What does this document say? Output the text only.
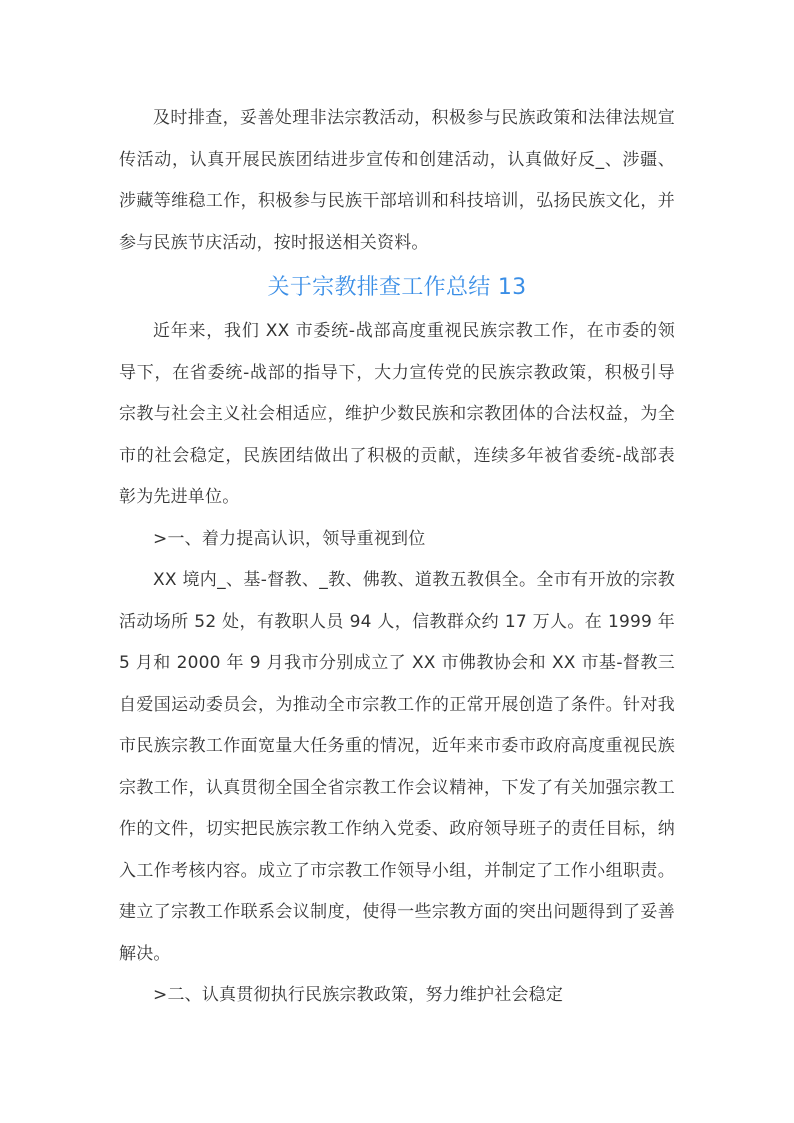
及时排查，妥善处理非法宗教活动，积极参与民族政策和法律法规宣传活动，认真开展民族团结进步宣传和创建活动，认真做好反_、涉疆、涉藏等维稳工作，积极参与民族干部培训和科技培训，弘扬民族文化，并参与民族节庆活动，按时报送相关资料。

关于宗教排查工作总结 13

近年来，我们 XX 市委统-战部高度重视民族宗教工作，在市委的领导下，在省委统-战部的指导下，大力宣传党的民族宗教政策，积极引导宗教与社会主义社会相适应，维护少数民族和宗教团体的合法权益，为全市的社会稳定，民族团结做出了积极的贡献，连续多年被省委统-战部表彰为先进单位。

>一、着力提高认识，领导重视到位

XX 境内_、基-督教、_教、佛教、道教五教俱全。全市有开放的宗教活动场所 52 处，有教职人员 94 人，信教群众约 17 万人。在 1999 年 5 月和 2000 年 9 月我市分别成立了 XX 市佛教协会和 XX 市基-督教三自爱国运动委员会，为推动全市宗教工作的正常开展创造了条件。针对我市民族宗教工作面宽量大任务重的情况，近年来市委市政府高度重视民族宗教工作，认真贯彻全国全省宗教工作会议精神，下发了有关加强宗教工作的文件，切实把民族宗教工作纳入党委、政府领导班子的责任目标，纳入工作考核内容。成立了市宗教工作领导小组，并制定了工作小组职责。建立了宗教工作联系会议制度，使得一些宗教方面的突出问题得到了妥善解决。

>二、认真贯彻执行民族宗教政策，努力维护社会稳定
